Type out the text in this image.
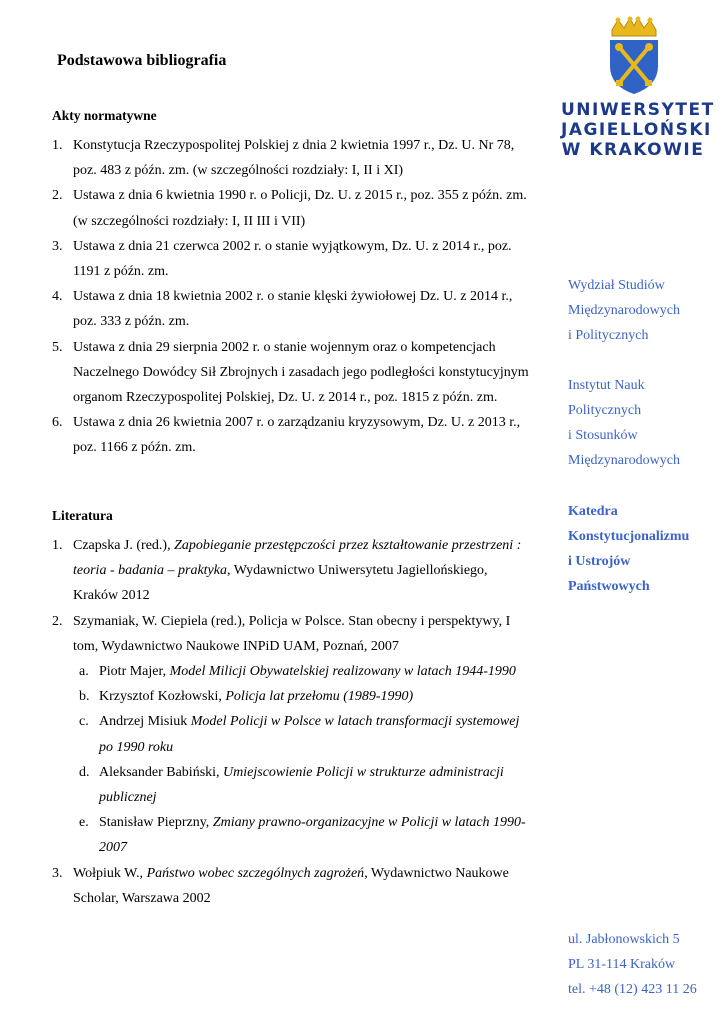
Podstawowa bibliografia
Akty normatywne
1. Konstytucja Rzeczypospolitej Polskiej z dnia 2 kwietnia 1997 r., Dz. U. Nr 78, poz. 483 z późn. zm. (w szczególności rozdziały: I, II i XI)
2. Ustawa z dnia 6 kwietnia 1990 r. o Policji, Dz. U. z 2015 r., poz. 355 z późn. zm. (w szczególności rozdziały: I, II III i VII)
3. Ustawa z dnia 21 czerwca 2002 r. o stanie wyjątkowym, Dz. U. z 2014 r., poz. 1191 z późn. zm.
4. Ustawa z dnia 18 kwietnia 2002 r. o stanie klęski żywiołowej Dz. U. z 2014 r., poz. 333 z późn. zm.
5. Ustawa z dnia 29 sierpnia 2002 r. o stanie wojennym oraz o kompetencjach Naczelnego Dowódcy Sił Zbrojnych i zasadach jego podległości konstytucyjnym organom Rzeczypospolitej Polskiej, Dz. U. z 2014 r., poz. 1815 z późn. zm.
6. Ustawa z dnia 26 kwietnia 2007 r. o zarządzaniu kryzysowym, Dz. U. z 2013 r., poz. 1166 z późn. zm.
Literatura
1. Czapska J. (red.), Zapobieganie przestępczości przez kształtowanie przestrzeni : teoria - badania – praktyka, Wydawnictwo Uniwersytetu Jagiellońskiego, Kraków 2012
2. Szymaniak, W. Ciepiela (red.), Policja w Polsce. Stan obecny i perspektywy, I tom, Wydawnictwo Naukowe INPiD UAM, Poznań, 2007
a. Piotr Majer, Model Milicji Obywatelskiej realizowany w latach 1944-1990
b. Krzysztof Kozłowski, Policja lat przełomu (1989-1990)
c. Andrzej Misiuk Model Policji w Polsce w latach transformacji systemowej po 1990 roku
d. Aleksander Babiński, Umiejscowienie Policji w strukturze administracji publicznej
e. Stanisław Pieprzny, Zmiany prawno-organizacyjne w Policji w latach 1990-2007
3. Wołpiuk W., Państwo wobec szczególnych zagrożeń, Wydawnictwo Naukowe Scholar, Warszawa 2002
UNIWERSYTET
JAGIELLOŃSKI
W KRAKOWIE
Wydział Studiów
Międzynarodowych
i Politycznych
Instytut Nauk
Politycznych
i Stosunków
Międzynarodowych
Katedra
Konstytucjonalizmu
i Ustrojów
Państwowych
ul. Jabłonowskich 5
PL 31-114 Kraków
tel. +48 (12) 423 11 26
